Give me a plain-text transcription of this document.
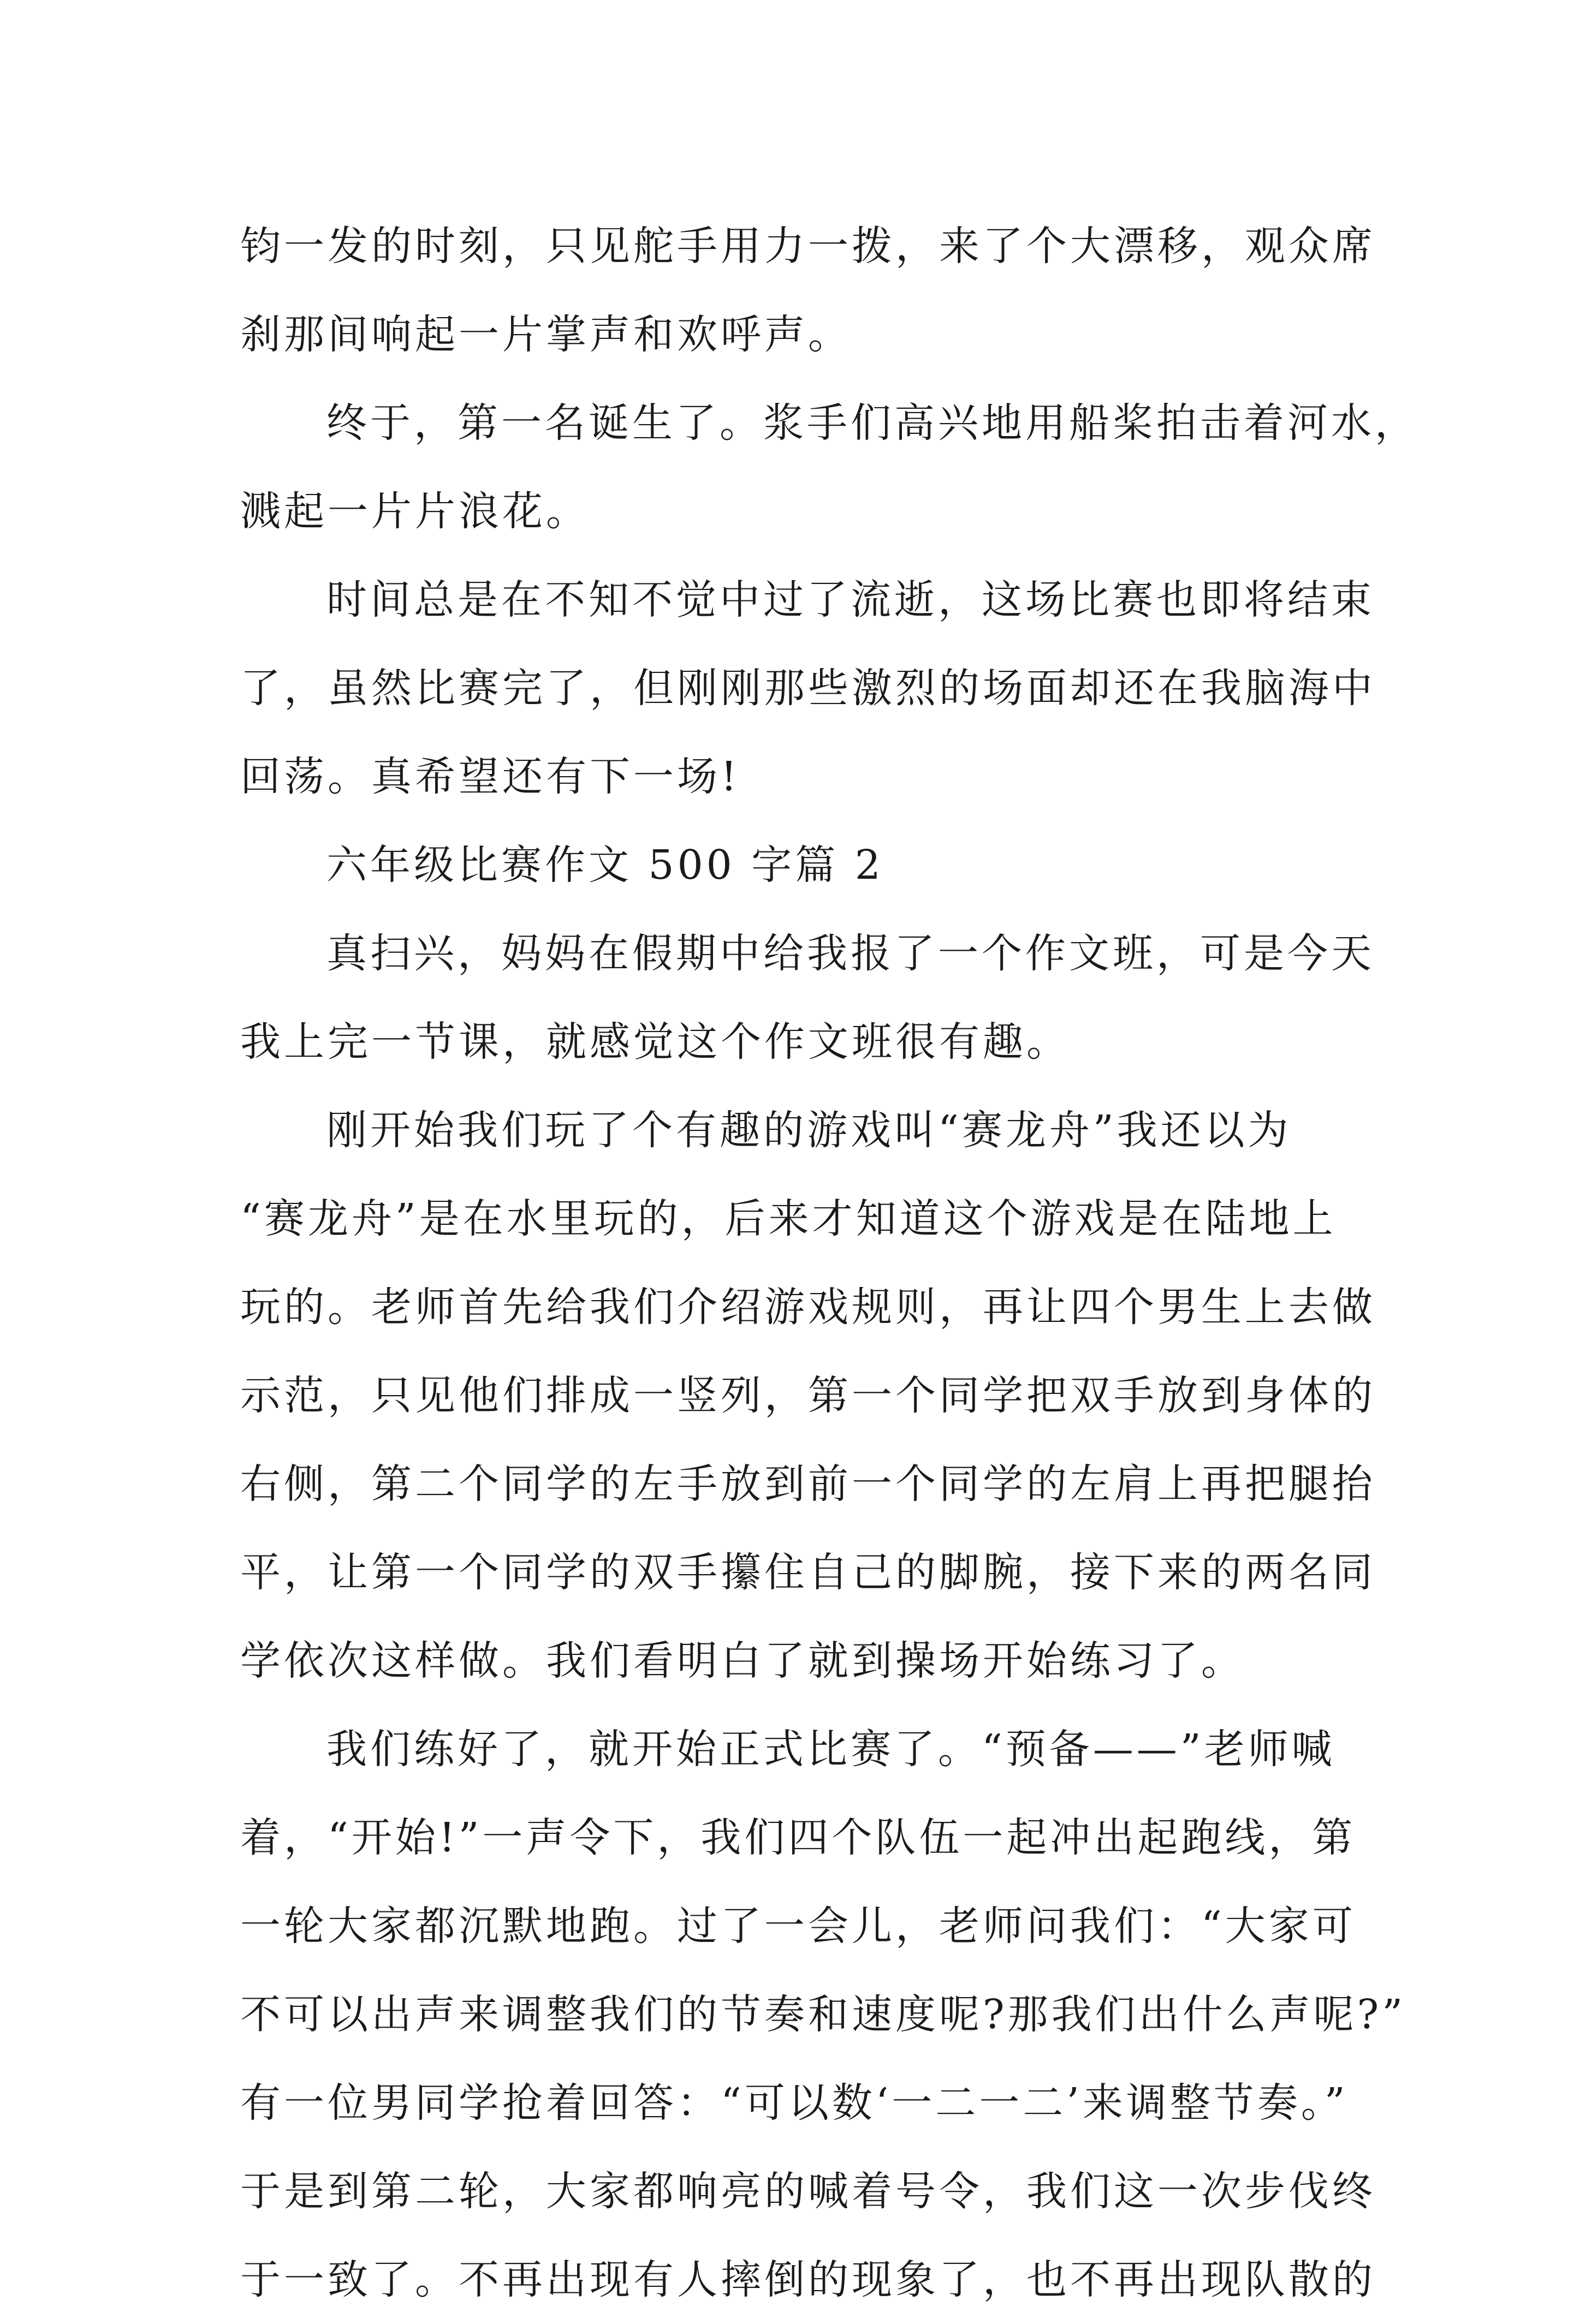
钧一发的时刻，只见舵手用力一拨，来了个大漂移，观众席
刹那间响起一片掌声和欢呼声。
终于，第一名诞生了。浆手们高兴地用船桨拍击着河水，
溅起一片片浪花。
时间总是在不知不觉中过了流逝，这场比赛也即将结束
了，虽然比赛完了，但刚刚那些激烈的场面却还在我脑海中
回荡。真希望还有下一场!
六年级比赛作文 500 字篇 2
真扫兴，妈妈在假期中给我报了一个作文班，可是今天
我上完一节课，就感觉这个作文班很有趣。
刚开始我们玩了个有趣的游戏叫“赛龙舟”我还以为
“赛龙舟”是在水里玩的，后来才知道这个游戏是在陆地上
玩的。老师首先给我们介绍游戏规则，再让四个男生上去做
示范，只见他们排成一竖列，第一个同学把双手放到身体的
右侧，第二个同学的左手放到前一个同学的左肩上再把腿抬
平，让第一个同学的双手攥住自己的脚腕，接下来的两名同
学依次这样做。我们看明白了就到操场开始练习了。
我们练好了，就开始正式比赛了。“预备——”老师喊
着，“开始!”一声令下，我们四个队伍一起冲出起跑线，第
一轮大家都沉默地跑。过了一会儿，老师问我们：“大家可
不可以出声来调整我们的节奏和速度呢?那我们出什么声呢?”
有一位男同学抢着回答：“可以数‘一二一二’来调整节奏。”
于是到第二轮，大家都响亮的喊着号令，我们这一次步伐终
于一致了。不再出现有人摔倒的现象了，也不再出现队散的
